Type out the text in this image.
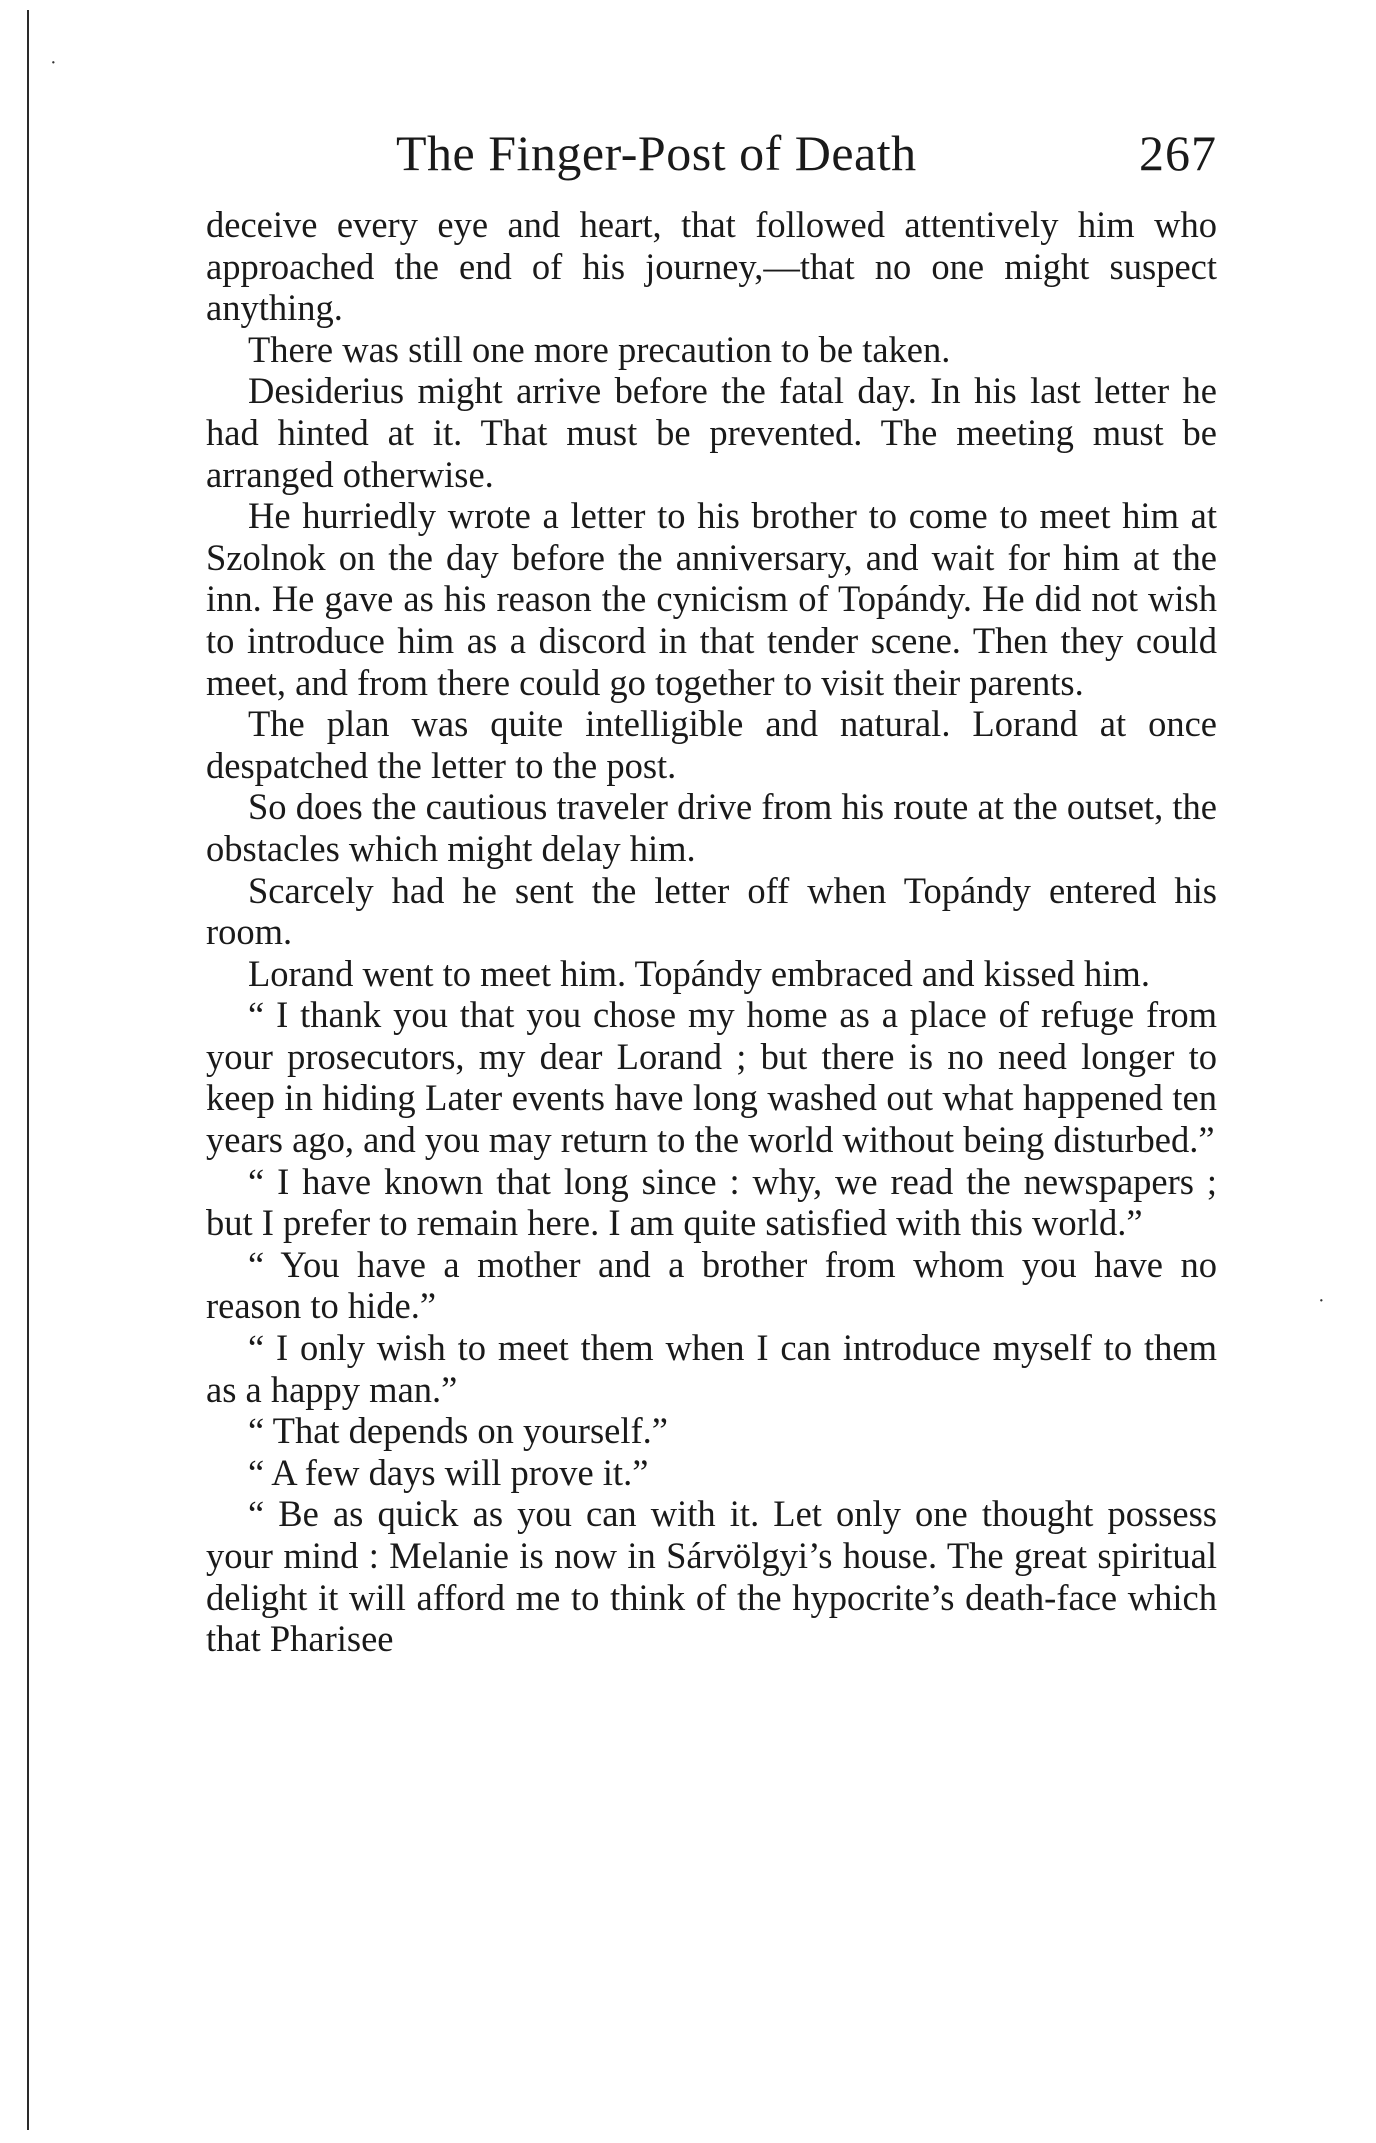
·
·
The Finger-Post of Death	267

deceive every eye and heart, that followed attentively him who approached the end of his journey,—that no one might suspect anything.

There was still one more precaution to be taken.

Desiderius might arrive before the fatal day. In his last letter he had hinted at it. That must be prevented. The meeting must be arranged otherwise.

He hurriedly wrote a letter to his brother to come to meet him at Szolnok on the day before the anniversary, and wait for him at the inn. He gave as his reason the cynicism of Topándy. He did not wish to introduce him as a discord in that tender scene. Then they could meet, and from there could go together to visit their parents.

The plan was quite intelligible and natural. Lorand at once despatched the letter to the post.

So does the cautious traveler drive from his route at the outset, the obstacles which might delay him.

Scarcely had he sent the letter off when Topándy entered his room.

Lorand went to meet him. Topándy embraced and kissed him.

“ I thank you that you chose my home as a place of refuge from your prosecutors, my dear Lorand ; but there is no need longer to keep in hiding Later events have long washed out what happened ten years ago, and you may return to the world without being disturbed.”

“ I have known that long since : why, we read the newspapers ; but I prefer to remain here. I am quite satisfied with this world.”

“ You have a mother and a brother from whom you have no reason to hide.”

“ I only wish to meet them when I can introduce myself to them as a happy man.”

“ That depends on yourself.”

“ A few days will prove it.”

“ Be as quick as you can with it. Let only one thought possess your mind : Melanie is now in Sárvölgyi’s house. The great spiritual delight it will afford me to think of the hypocrite’s death-face which that Pharisee
